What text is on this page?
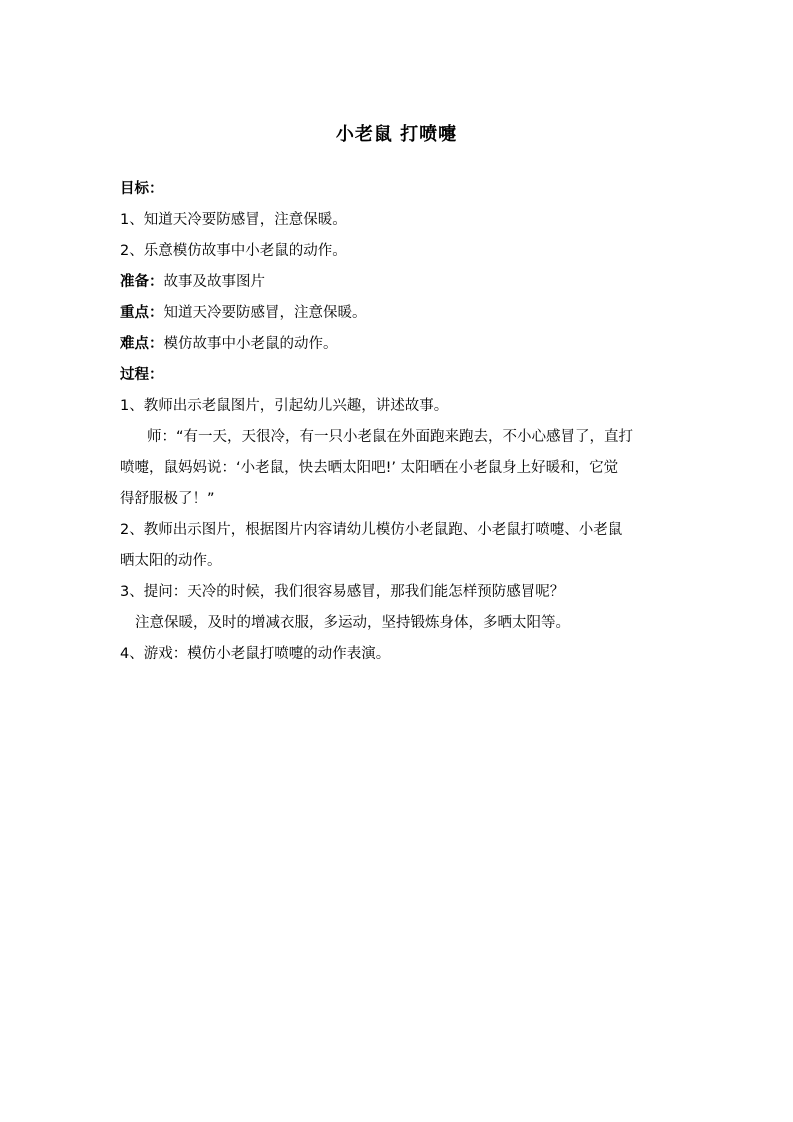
小老鼠 打喷嚏
目标：
1、知道天冷要防感冒，注意保暖。
2、乐意模仿故事中小老鼠的动作。
准备：故事及故事图片
重点：知道天冷要防感冒，注意保暖。
难点：模仿故事中小老鼠的动作。
过程：
1、教师出示老鼠图片，引起幼儿兴趣，讲述故事。
师：“有一天，天很冷，有一只小老鼠在外面跑来跑去，不小心感冒了，直打
喷嚏，鼠妈妈说：‘小老鼠，快去晒太阳吧!’ 太阳晒在小老鼠身上好暖和，它觉
得舒服极了！”
2、教师出示图片，根据图片内容请幼儿模仿小老鼠跑、小老鼠打喷嚏、小老鼠
晒太阳的动作。
3、提问：天冷的时候，我们很容易感冒，那我们能怎样预防感冒呢？
注意保暖，及时的增减衣服，多运动，坚持锻炼身体，多晒太阳等。
4、游戏：模仿小老鼠打喷嚏的动作表演。
